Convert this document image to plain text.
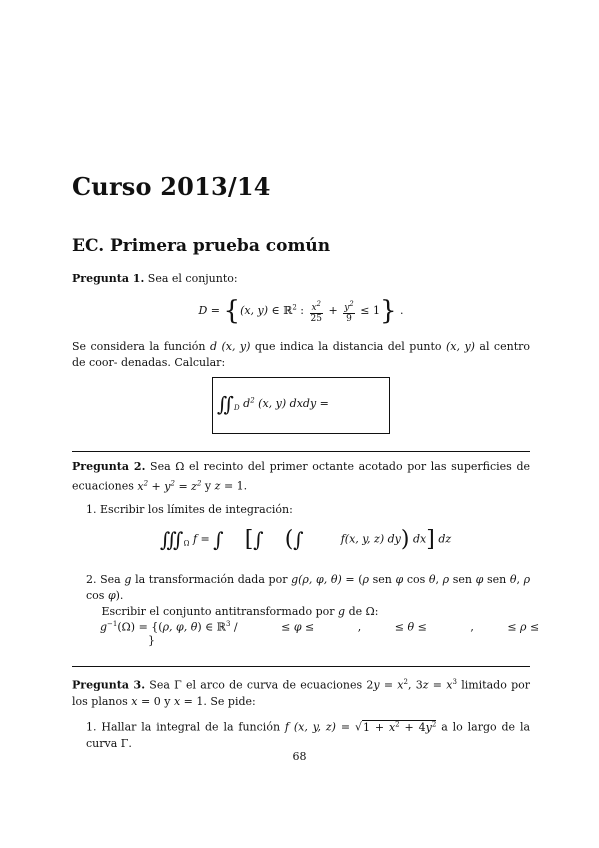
Curso 2013/14
EC. Primera prueba común
Pregunta 1. Sea el conjunto:
D = {(x, y) ∈ ℝ$^2$ : $\frac{x^2}{25} + \frac{y^2}{9} \le 1$} .
Se considera la función d (x, y) que indica la distancia del punto (x, y) al centro de coor- denadas. Calcular:
$∬_D$ $d^2$ (x, y) dxdy =
Pregunta 2. Sea Ω el recinto del primer octante acotado por las superficies de ecuaciones $x^2 + y^2 = z^2$ y z = 1.
1. Escribir los límites de integración:
$∭_\Omega$ f = ∫ [∫ (∫	f(x, y, z) dy) dx] dz
2. Sea g la transformación dada por g(ρ, φ, θ) = (ρ sen φ cos θ, ρ sen φ sen θ, ρ cos φ).
Escribir el conjunto antitransformado por g de Ω:
$g^{-1}(\Omega) = \{(\rho$, φ, θ) ∈ ℝ$^3$ /	≤ φ ≤	,	≤ θ ≤	,	≤ ρ ≤ }
Pregunta 3. Sea Γ el arco de curva de ecuaciones $2y = x^2$, $3z = x^3$ limitado por los planos x = 0 y x = 1. Se pide:
1. Hallar la integral de la función f (x, y, $z) = √1 + x^2 + 4y^2$ a lo largo de la curva Γ.
68
